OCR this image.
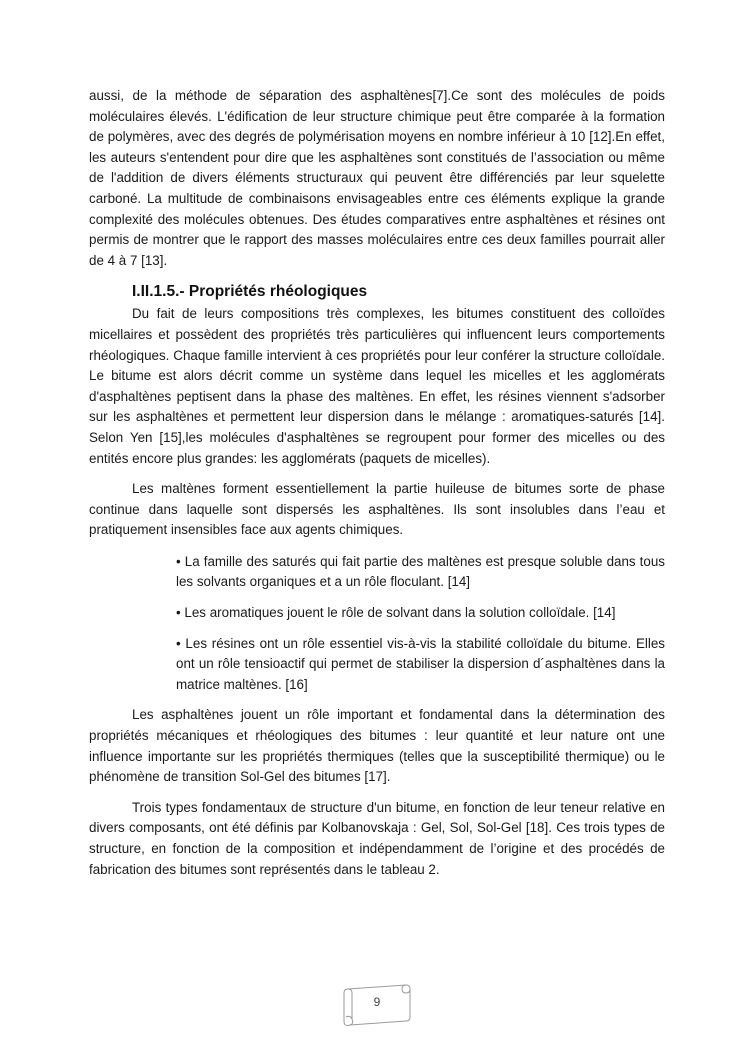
aussi, de la méthode de séparation des asphaltènes[7].Ce sont des molécules de poids moléculaires élevés. L'édification de leur structure chimique peut être comparée à la formation de polymères, avec des degrés de polymérisation moyens en nombre inférieur à 10 [12].En effet, les auteurs s'entendent pour dire que les asphaltènes sont constitués de l’association ou même de l'addition de divers éléments structuraux qui peuvent être différenciés par leur squelette carboné. La multitude de combinaisons envisageables entre ces éléments explique la grande complexité des molécules obtenues. Des études comparatives entre asphaltènes et résines ont permis de montrer que le rapport des masses moléculaires entre ces deux familles pourrait aller de 4 à 7 [13].

I.II.1.5.- Propriétés rhéologiques

Du fait de leurs compositions très complexes, les bitumes constituent des colloïdes micellaires et possèdent des propriétés très particulières qui influencent leurs comportements rhéologiques. Chaque famille intervient à ces propriétés pour leur conférer la structure colloïdale. Le bitume est alors décrit comme un système dans lequel les micelles et les agglomérats d'asphaltènes peptisent dans la phase des maltènes. En effet, les résines viennent s'adsorber sur les asphaltènes et permettent leur dispersion dans le mélange : aromatiques-saturés [14]. Selon Yen [15],les molécules d'asphaltènes se regroupent pour former des micelles ou des entités encore plus grandes: les agglomérats (paquets de micelles).

Les maltènes forment essentiellement la partie huileuse de bitumes sorte de phase continue dans laquelle sont dispersés les asphaltènes. Ils sont insolubles dans l’eau et pratiquement insensibles face aux agents chimiques.

• La famille des saturés qui fait partie des maltènes est presque soluble dans tous les solvants organiques et a un rôle floculant. [14]

• Les aromatiques jouent le rôle de solvant dans la solution colloïdale. [14]

• Les résines ont un rôle essentiel vis-à-vis la stabilité colloïdale du bitume. Elles ont un rôle tensioactif qui permet de stabiliser la dispersion d´asphaltènes dans la matrice maltènes. [16]

Les asphaltènes jouent un rôle important et fondamental dans la détermination des propriétés mécaniques et rhéologiques des bitumes : leur quantité et leur nature ont une influence importante sur les propriétés thermiques (telles que la susceptibilité thermique) ou le phénomène de transition Sol-Gel des bitumes [17].

Trois types fondamentaux de structure d'un bitume, en fonction de leur teneur relative en divers composants, ont été définis par Kolbanovskaja : Gel, Sol, Sol-Gel [18]. Ces trois types de structure, en fonction de la composition et indépendamment de l’origine et des procédés de fabrication des bitumes sont représentés dans le tableau 2.

9
